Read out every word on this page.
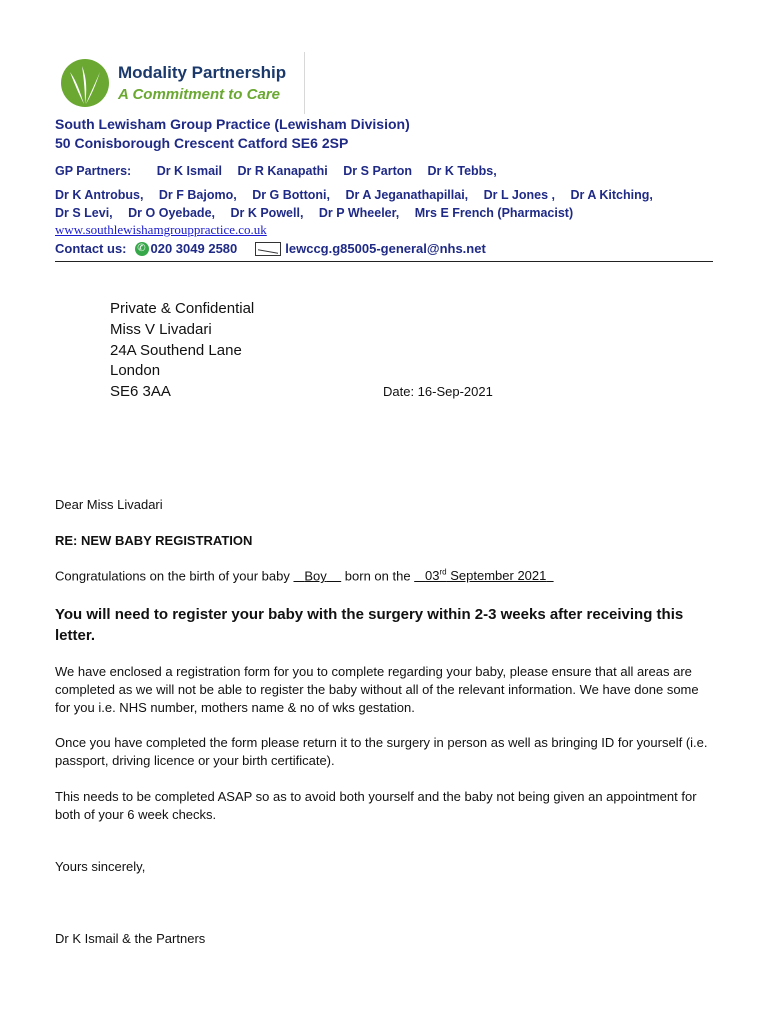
Modality Partnership
A Commitment to Care
South Lewisham Group Practice (Lewisham Division)
50 Conisborough Crescent Catford SE6 2SP
GP Partners: Dr K Ismail Dr R Kanapathi Dr S Parton Dr K Tebbs,
Dr K Antrobus, Dr F Bajomo, Dr G Bottoni, Dr A Jeganathapillai, Dr L Jones , Dr A Kitching,
Dr S Levi, Dr O Oyebade, Dr K Powell, Dr P Wheeler, Mrs E French (Pharmacist)
www.southlewishamgrouppractice.co.uk
Contact us: ✆ 020 3049 2580	lewccg.g85005-general@nhs.net
Private & Confidential
Miss V Livadari
24A Southend Lane
London
SE6 3AA	Date: 16-Sep-2021
Dear Miss Livadari
RE: NEW BABY REGISTRATION
Congratulations on the birth of your baby    Boy     born on the    03rd September 2021
You will need to register your baby with the surgery within 2-3 weeks after receiving this letter.
We have enclosed a registration form for you to complete regarding your baby, please ensure that all areas are completed as we will not be able to register the baby without all of the relevant information. We have done some for you i.e. NHS number, mothers name & no of wks gestation.
Once you have completed the form please return it to the surgery in person as well as bringing ID for yourself (i.e. passport, driving licence or your birth certificate).
This needs to be completed ASAP so as to avoid both yourself and the baby not being given an appointment for both of your 6 week checks.
Yours sincerely,
Dr K Ismail & the Partners
